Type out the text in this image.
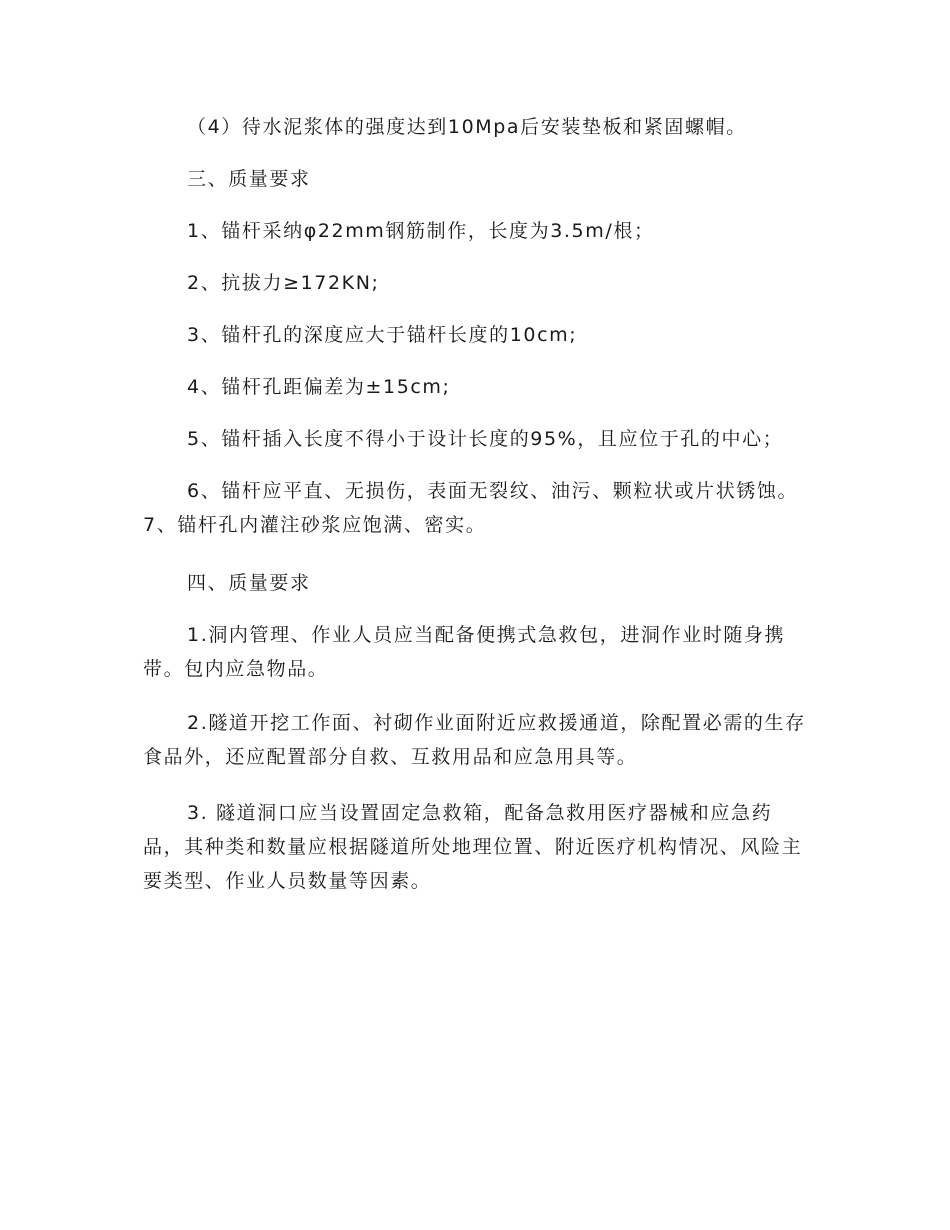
（4）待水泥浆体的强度达到10Mpa后安装垫板和紧固螺帽。

三、质量要求

1、锚杆采纳φ22mm钢筋制作，长度为3.5m/根；

2、抗拔力≥172KN;

3、锚杆孔的深度应大于锚杆长度的10cm;

4、锚杆孔距偏差为±15cm;

5、锚杆插入长度不得小于设计长度的95%，且应位于孔的中心；

6、锚杆应平直、无损伤，表面无裂纹、油污、颗粒状或片状锈蚀。7、锚杆孔内灌注砂浆应饱满、密实。

四、质量要求

1.洞内管理、作业人员应当配备便携式急救包，进洞作业时随身携带。包内应急物品。

2.隧道开挖工作面、衬砌作业面附近应救援通道，除配置必需的生存食品外，还应配置部分自救、互救用品和应急用具等。

3. 隧道洞口应当设置固定急救箱，配备急救用医疗器械和应急药品，其种类和数量应根据隧道所处地理位置、附近医疗机构情况、风险主要类型、作业人员数量等因素。
